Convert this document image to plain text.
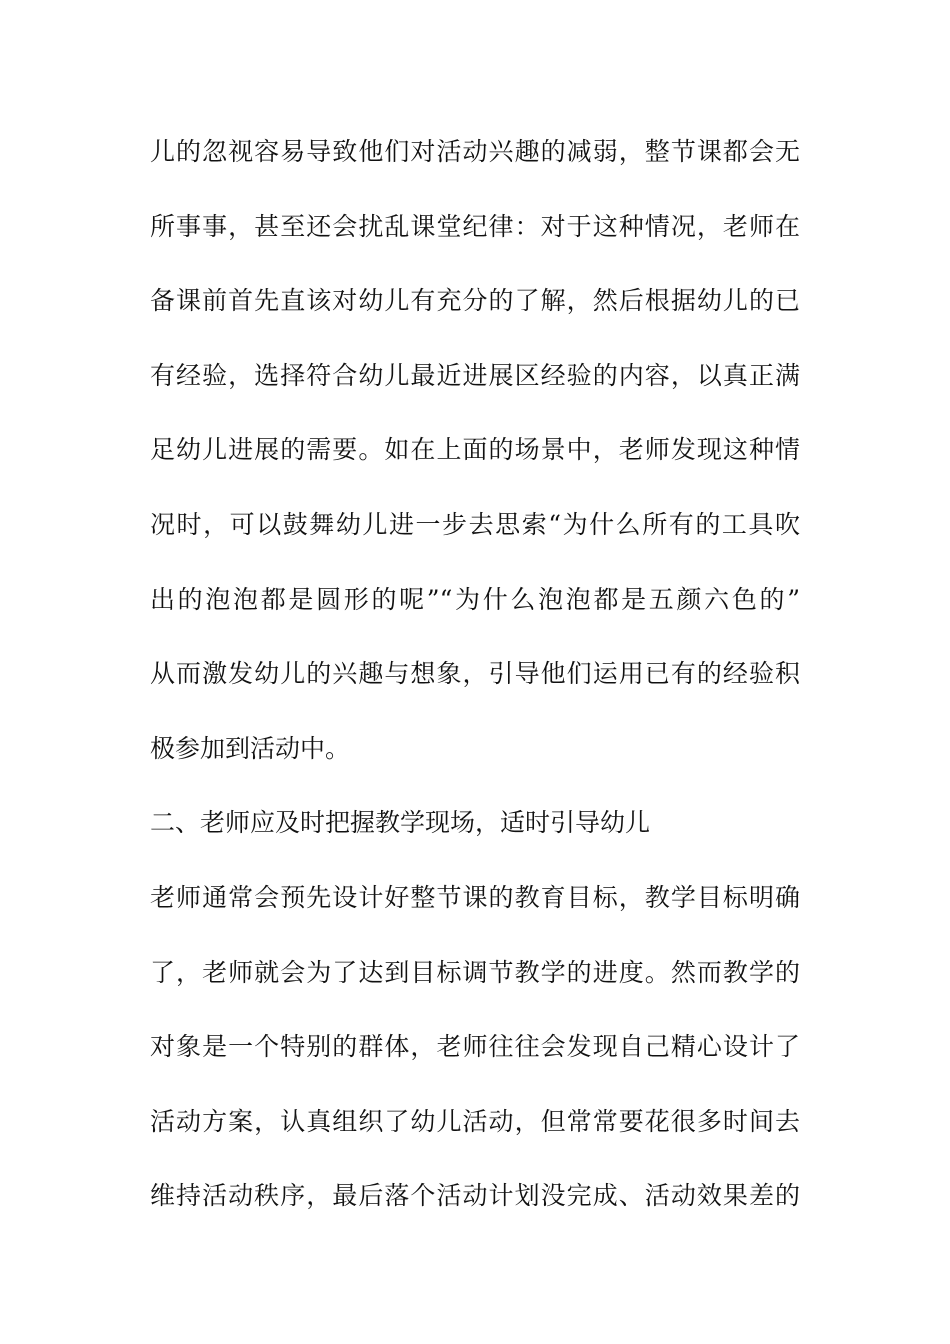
儿的忽视容易导致他们对活动兴趣的减弱，整节课都会无
所事事，甚至还会扰乱课堂纪律：对于这种情况，老师在
备课前首先直该对幼儿有充分的了解，然后根据幼儿的已
有经验，选择符合幼儿最近进展区经验的内容，以真正满
足幼儿进展的需要。如在上面的场景中，老师发现这种情
况时，可以鼓舞幼儿进一步去思索“为什么所有的工具吹
出的泡泡都是圆形的呢”“为什么泡泡都是五颜六色的”
从而激发幼儿的兴趣与想象，引导他们运用已有的经验积
极参加到活动中。
二、老师应及时把握教学现场，适时引导幼儿
老师通常会预先设计好整节课的教育目标，教学目标明确
了，老师就会为了达到目标调节教学的进度。然而教学的
对象是一个特别的群体，老师往往会发现自己精心设计了
活动方案，认真组织了幼儿活动，但常常要花很多时间去
维持活动秩序，最后落个活动计划没完成、活动效果差的
